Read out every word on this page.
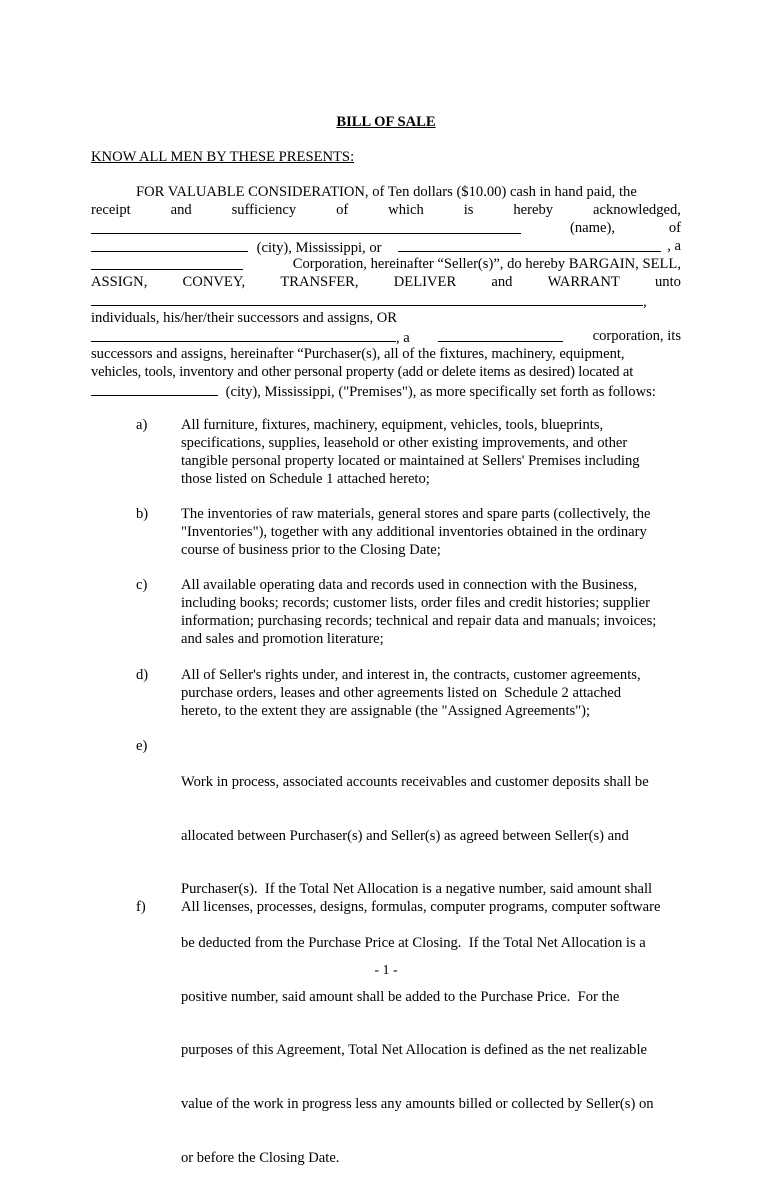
BILL OF SALE
KNOW ALL MEN BY THESE PRESENTS:
FOR VALUABLE CONSIDERATION, of Ten dollars ($10.00) cash in hand paid, the
receipt	and	sufficiency	of	which	is	hereby	acknowledged,
(name),	of
(city), Mississippi, or	, a
Corporation, hereinafter “Seller(s)”, do hereby BARGAIN, SELL,
ASSIGN, CONVEY, TRANSFER, DELIVER and WARRANT unto
,
individuals, his/her/their successors and assigns, OR
, a	corporation, its
successors and assigns, hereinafter “Purchaser(s), all of the fixtures, machinery, equipment,
vehicles, tools, inventory and other personal property (add or delete items as desired) located at
(city), Mississippi, ("Premises"), as more specifically set forth as follows:
a) All furniture, fixtures, machinery, equipment, vehicles, tools, blueprints,
specifications, supplies, leasehold or other existing improvements, and other
tangible personal property located or maintained at Sellers' Premises including
those listed on Schedule 1 attached hereto;
b) The inventories of raw materials, general stores and spare parts (collectively, the
"Inventories"), together with any additional inventories obtained in the ordinary
course of business prior to the Closing Date;
c) All available operating data and records used in connection with the Business,
including books; records; customer lists, order files and credit histories; supplier
information; purchasing records; technical and repair data and manuals; invoices;
and sales and promotion literature;
d) All of Seller's rights under, and interest in, the contracts, customer agreements,
purchase orders, leases and other agreements listed on  Schedule 2 attached
hereto, to the extent they are assignable (the "Assigned Agreements");
e)

Work in process, associated accounts receivables and customer deposits shall be

allocated between Purchaser(s) and Seller(s) as agreed between Seller(s) and

Purchaser(s).  If the Total Net Allocation is a negative number, said amount shall

be deducted from the Purchase Price at Closing.  If the Total Net Allocation is a

positive number, said amount shall be added to the Purchase Price.  For the

purposes of this Agreement, Total Net Allocation is defined as the net realizable

value of the work in progress less any amounts billed or collected by Seller(s) on

or before the Closing Date.

f) All licenses, processes, designs, formulas, computer programs, computer software
- 1 -
